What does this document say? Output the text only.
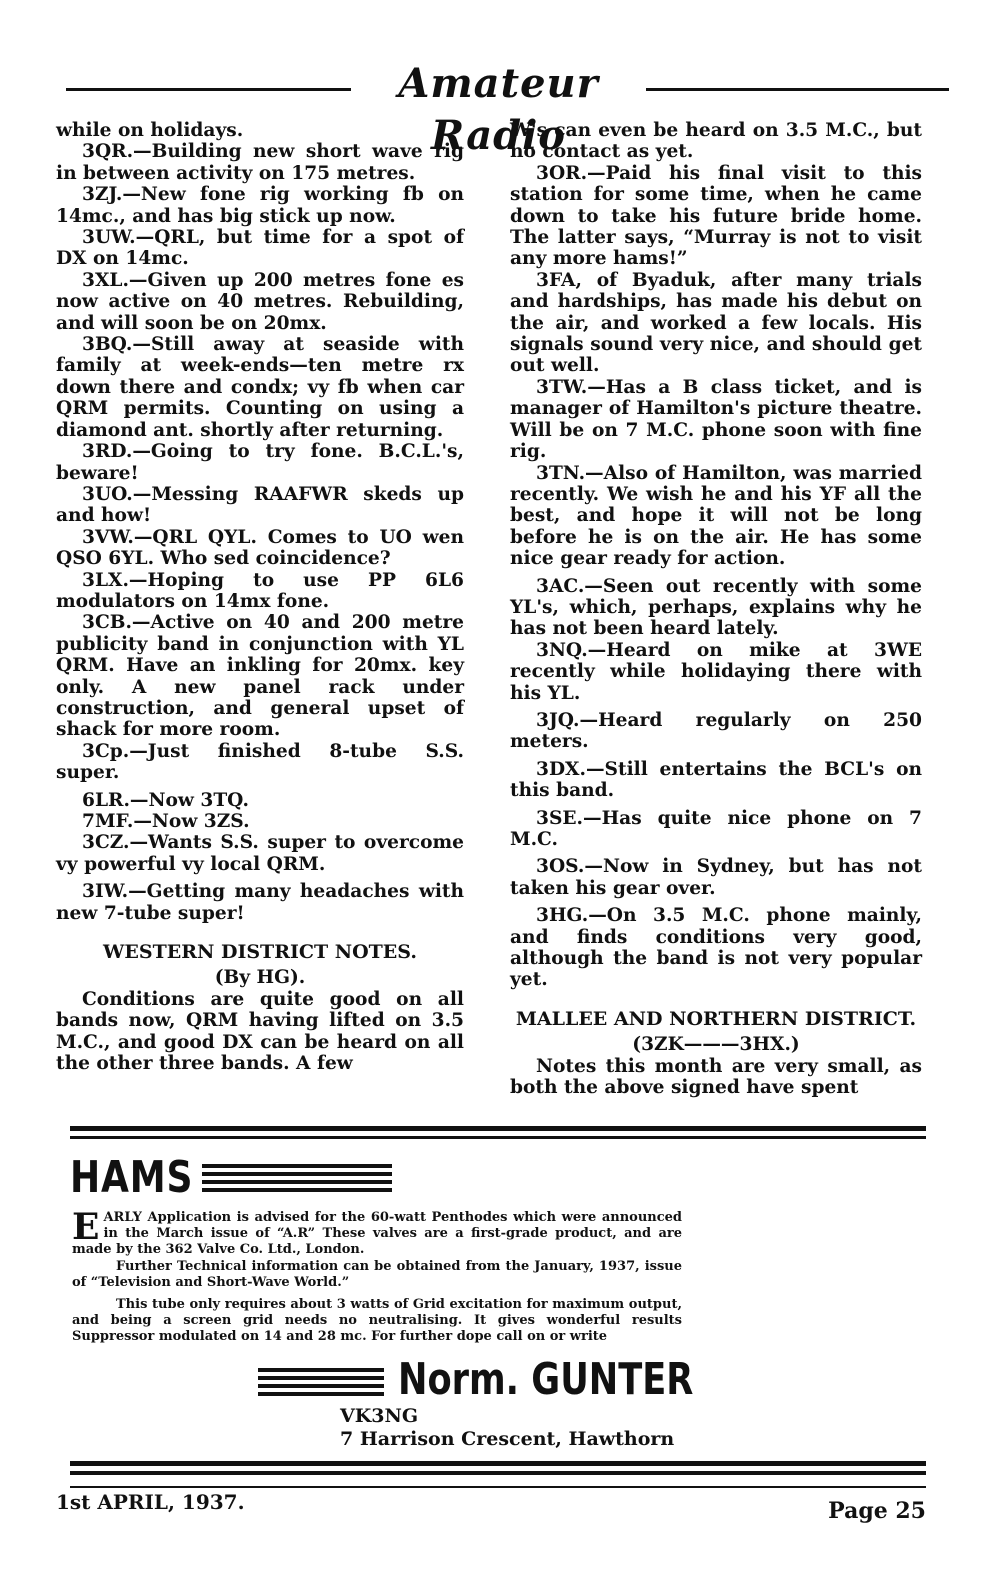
Amateur Radio

while on holidays.

3QR.—Building new short wave rig in between activity on 175 metres.

3ZJ.—New fone rig working fb on 14mc., and has big stick up now.

3UW.—QRL, but time for a spot of DX on 14mc.

3XL.—Given up 200 metres fone es now active on 40 metres. Rebuilding, and will soon be on 20mx.

3BQ.—Still away at seaside with family at week-ends—ten metre rx down there and condx; vy fb when car QRM permits. Counting on using a diamond ant. shortly after returning.

3RD.—Going to try fone. B.C.L.'s, beware!

3UO.—Messing RAAFWR skeds up and how!

3VW.—QRL QYL. Comes to UO wen QSO 6YL. Who sed coincidence?

3LX.—Hoping to use PP 6L6 modulators on 14mx fone.

3CB.—Active on 40 and 200 metre publicity band in conjunction with YL QRM. Have an inkling for 20mx. key only. A new panel rack under construction, and general upset of shack for more room.

3Cp.—Just finished 8-tube S.S. super.

6LR.—Now 3TQ.

7MF.—Now 3ZS.

3CZ.—Wants S.S. super to overcome vy powerful vy local QRM.

3IW.—Getting many headaches with new 7-tube super!

WESTERN DISTRICT NOTES.

(By HG).

Conditions are quite good on all bands now, QRM having lifted on 3.5 M.C., and good DX can be heard on all the other three bands. A few

W's can even be heard on 3.5 M.C., but no contact as yet.

3OR.—Paid his final visit to this station for some time, when he came down to take his future bride home. The latter says, “Murray is not to visit any more hams!”

3FA, of Byaduk, after many trials and hardships, has made his debut on the air, and worked a few locals. His signals sound very nice, and should get out well.

3TW.—Has a B class ticket, and is manager of Hamilton's picture theatre. Will be on 7 M.C. phone soon with fine rig.

3TN.—Also of Hamilton, was married recently. We wish he and his YF all the best, and hope it will not be long before he is on the air. He has some nice gear ready for action.

3AC.—Seen out recently with some YL's, which, perhaps, explains why he has not been heard lately.

3NQ.—Heard on mike at 3WE recently while holidaying there with his YL.

3JQ.—Heard regularly on 250 meters.

3DX.—Still entertains the BCL's on this band.

3SE.—Has quite nice phone on 7 M.C.

3OS.—Now in Sydney, but has not taken his gear over.

3HG.—On 3.5 M.C. phone mainly, and finds conditions very good, although the band is not very popular yet.

MALLEE AND NORTHERN DISTRICT.

(3ZK———3HX.)

Notes this month are very small, as both the above signed have spent

HAMS

EARLY Application is advised for the 60-watt Penthodes which were announced in the March issue of “A.R” These valves are a first-grade product, and are made by the 362 Valve Co. Ltd., London.

Further Technical information can be obtained from the January, 1937, issue of “Television and Short-Wave World.”

This tube only requires about 3 watts of Grid excitation for maximum output, and being a screen grid needs no neutralising. It gives wonderful results Suppressor modulated on 14 and 28 mc. For further dope call on or write

Norm. GUNTER
VK3NG
7 Harrison Crescent, Hawthorn
1st APRIL, 1937.	Page 25
